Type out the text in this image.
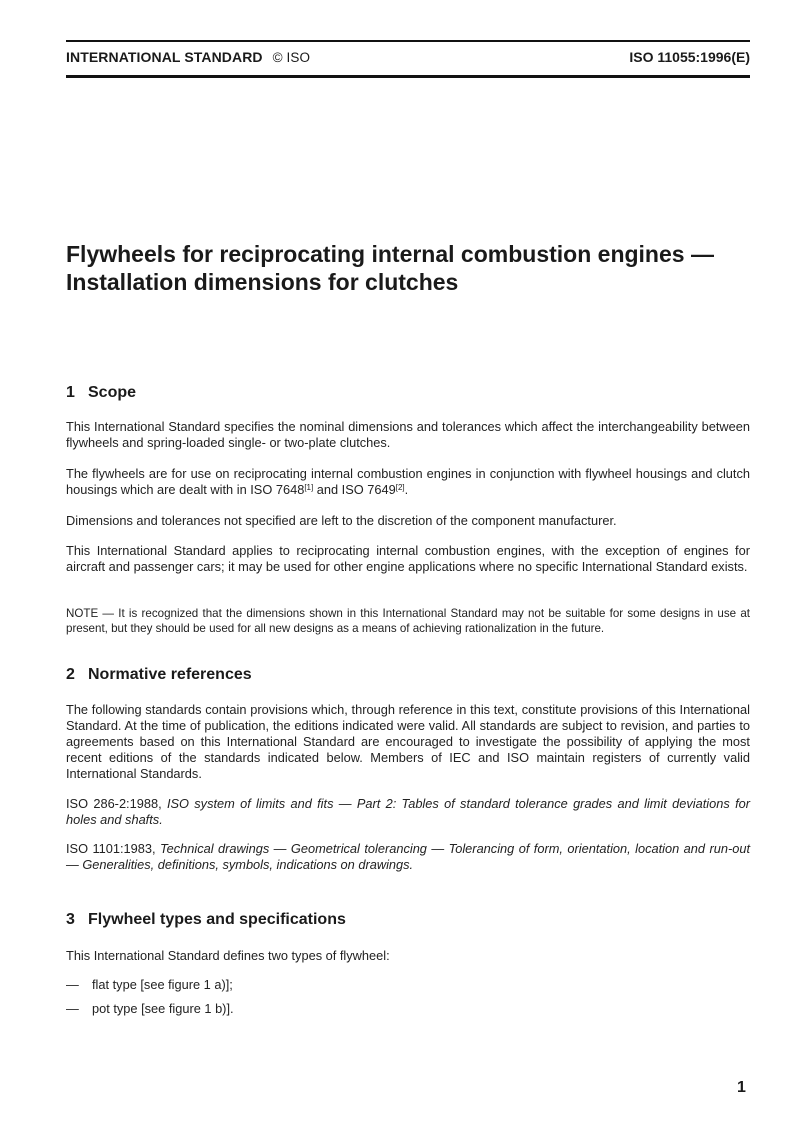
INTERNATIONAL STANDARD © ISO	ISO 11055:1996(E)
Flywheels for reciprocating internal combustion engines —
Installation dimensions for clutches
1 Scope

This International Standard specifies the nominal dimensions and tolerances which affect the interchangeability between flywheels and spring-loaded single- or two-plate clutches.

The flywheels are for use on reciprocating internal combustion engines in conjunction with flywheel housings and clutch housings which are dealt with in ISO 7648[1] and ISO 7649[2].

Dimensions and tolerances not specified are left to the discretion of the component manufacturer.

This International Standard applies to reciprocating internal combustion engines, with the exception of engines for aircraft and passenger cars; it may be used for other engine applications where no specific International Standard exists.

NOTE — It is recognized that the dimensions shown in this International Standard may not be suitable for some designs in use at present, but they should be used for all new designs as a means of achieving rationalization in the future.

2 Normative references

The following standards contain provisions which, through reference in this text, constitute provisions of this International Standard. At the time of publication, the editions indicated were valid. All standards are subject to revision, and parties to agreements based on this International Standard are encouraged to investigate the possibility of applying the most recent editions of the standards indicated below. Members of IEC and ISO maintain registers of currently valid International Standards.

ISO 286-2:1988, ISO system of limits and fits — Part 2: Tables of standard tolerance grades and limit deviations for holes and shafts.

ISO 1101:1983, Technical drawings — Geometrical tolerancing — Tolerancing of form, orientation, location and run-out — Generalities, definitions, symbols, indications on drawings.

3 Flywheel types and specifications

This International Standard defines two types of flywheel:

— flat type [see figure 1 a)];
— pot type [see figure 1 b)].
1
